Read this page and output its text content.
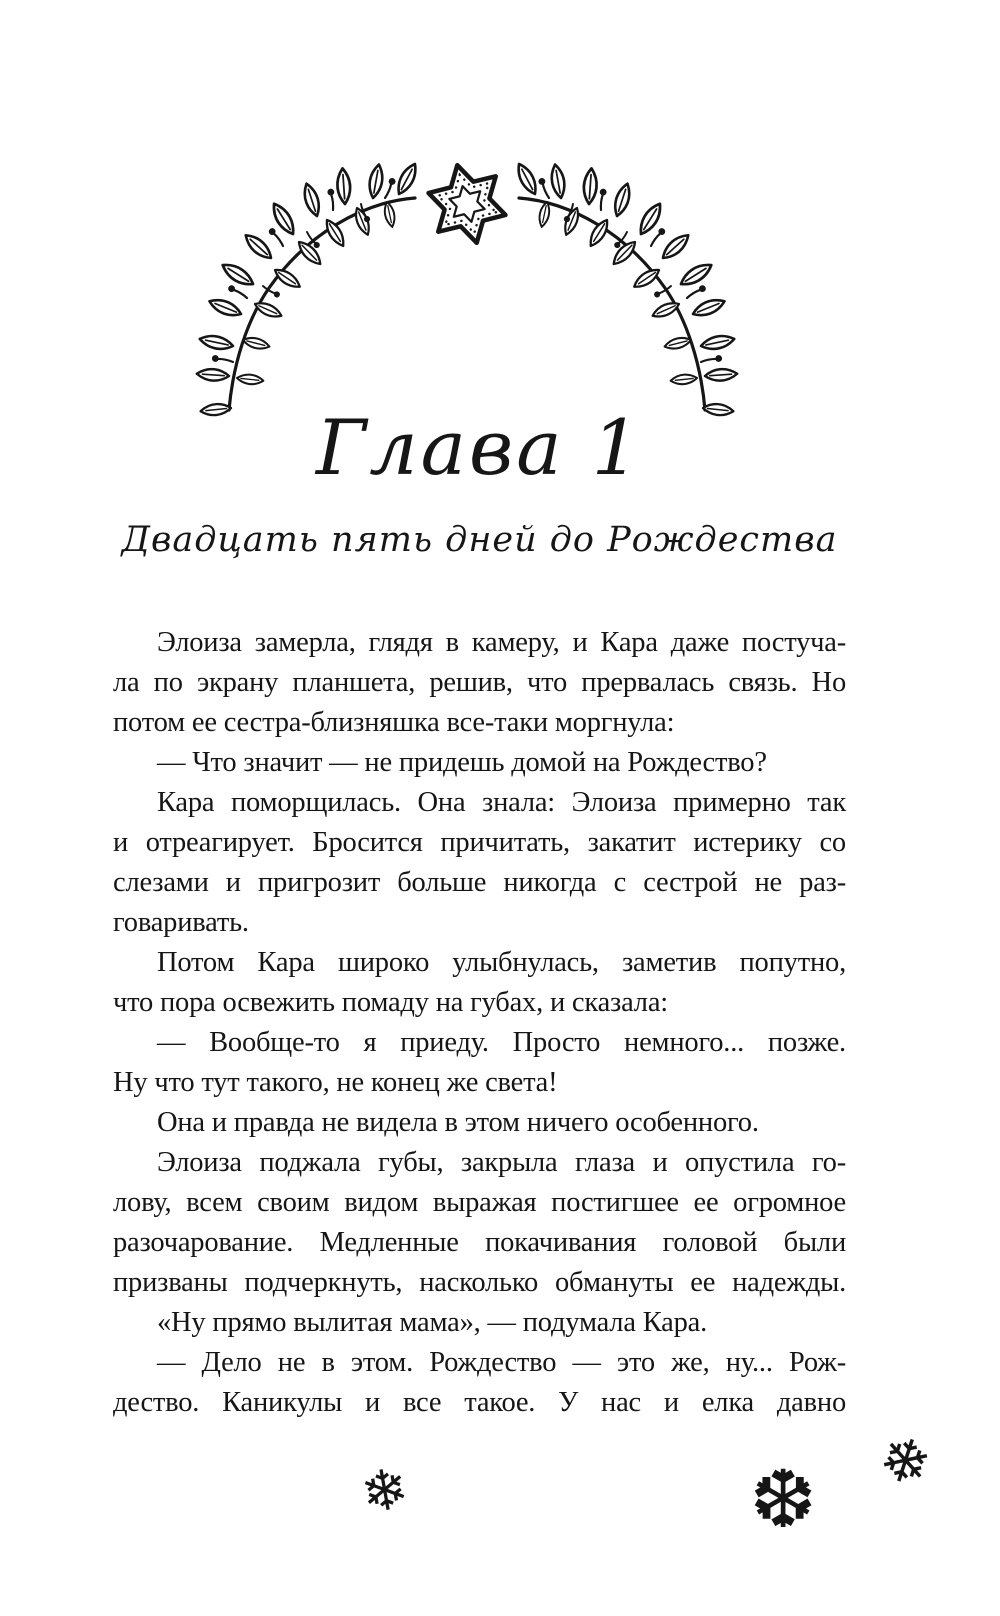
Глава 1
Двадцать пять дней до Рождества
Элоиза замерла, глядя в камеру, и Кара даже постуча-
ла по экрану планшета, решив, что прервалась связь. Но
потом ее сестра-близняшка все-таки моргнула:
— Что значит — не придешь домой на Рождество?
Кара поморщилась. Она знала: Элоиза примерно так
и отреагирует. Бросится причитать, закатит истерику со
слезами и пригрозит больше никогда с сестрой не раз-
говаривать.
Потом Кара широко улыбнулась, заметив попутно,
что пора освежить помаду на губах, и сказала:
— Вообще-то я приеду. Просто немного... позже.
Ну что тут такого, не конец же света!
Она и правда не видела в этом ничего особенного.
Элоиза поджала губы, закрыла глаза и опустила го-
лову, всем своим видом выражая постигшее ее огромное
разочарование. Медленные покачивания головой были
призваны подчеркнуть, насколько обмануты ее надежды.
«Ну прямо вылитая мама», — подумала Кара.
— Дело не в этом. Рождество — это же, ну... Рож-
дество. Каникулы и все такое. У нас и елка давно
❄	❆ ❄
